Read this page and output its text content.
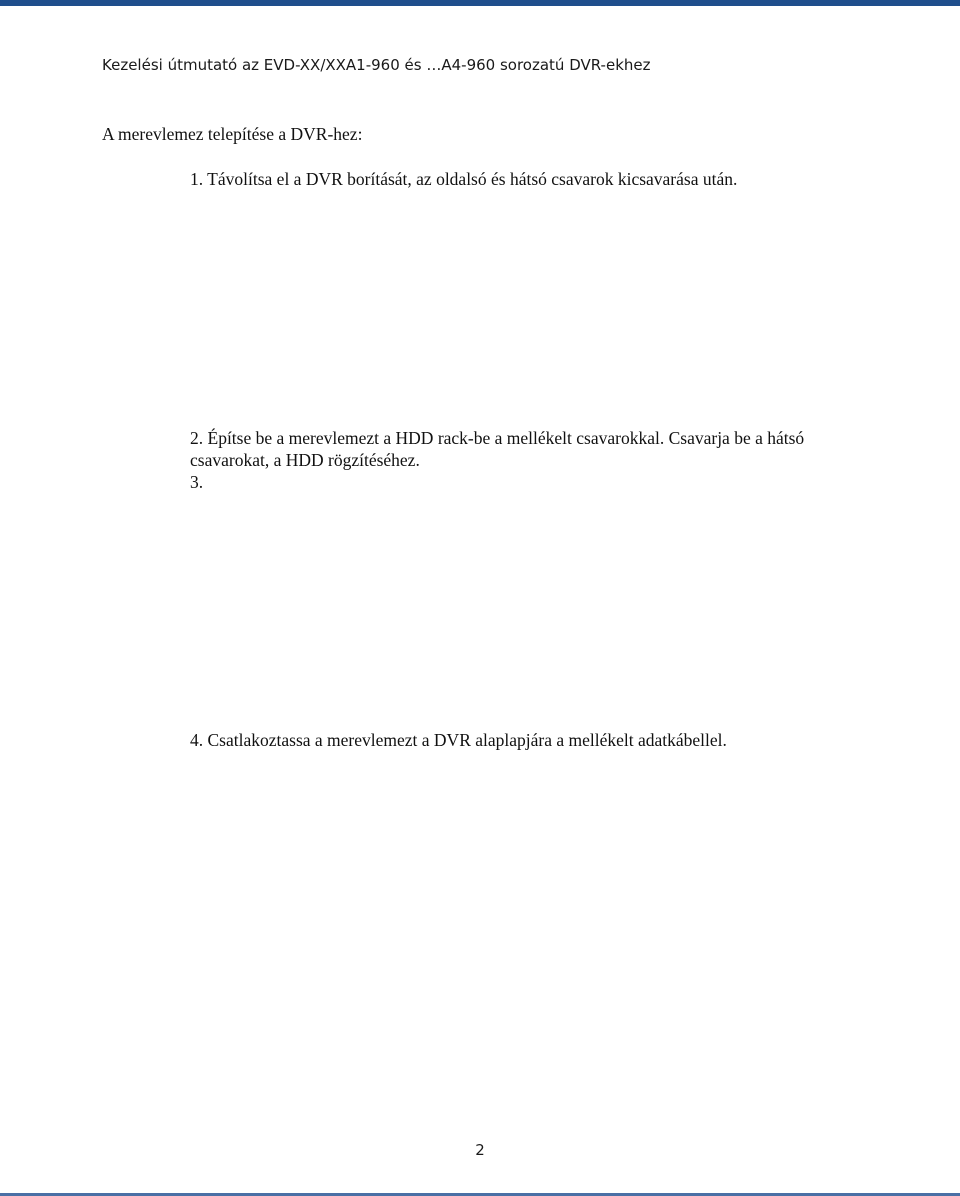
Kezelési útmutató az EVD-XX/XXA1-960 és …A4-960 sorozatú DVR-ekhez
A merevlemez telepítése a DVR-hez:
1. Távolítsa el a DVR borítását, az oldalsó és hátsó csavarok kicsavarása után.
2. Építse be a merevlemezt a HDD rack-be a mellékelt csavarokkal. Csavarja be a hátsó csavarokat, a HDD rögzítéséhez.
3.
4. Csatlakoztassa a merevlemezt a DVR alaplapjára a mellékelt adatkábellel.
2
